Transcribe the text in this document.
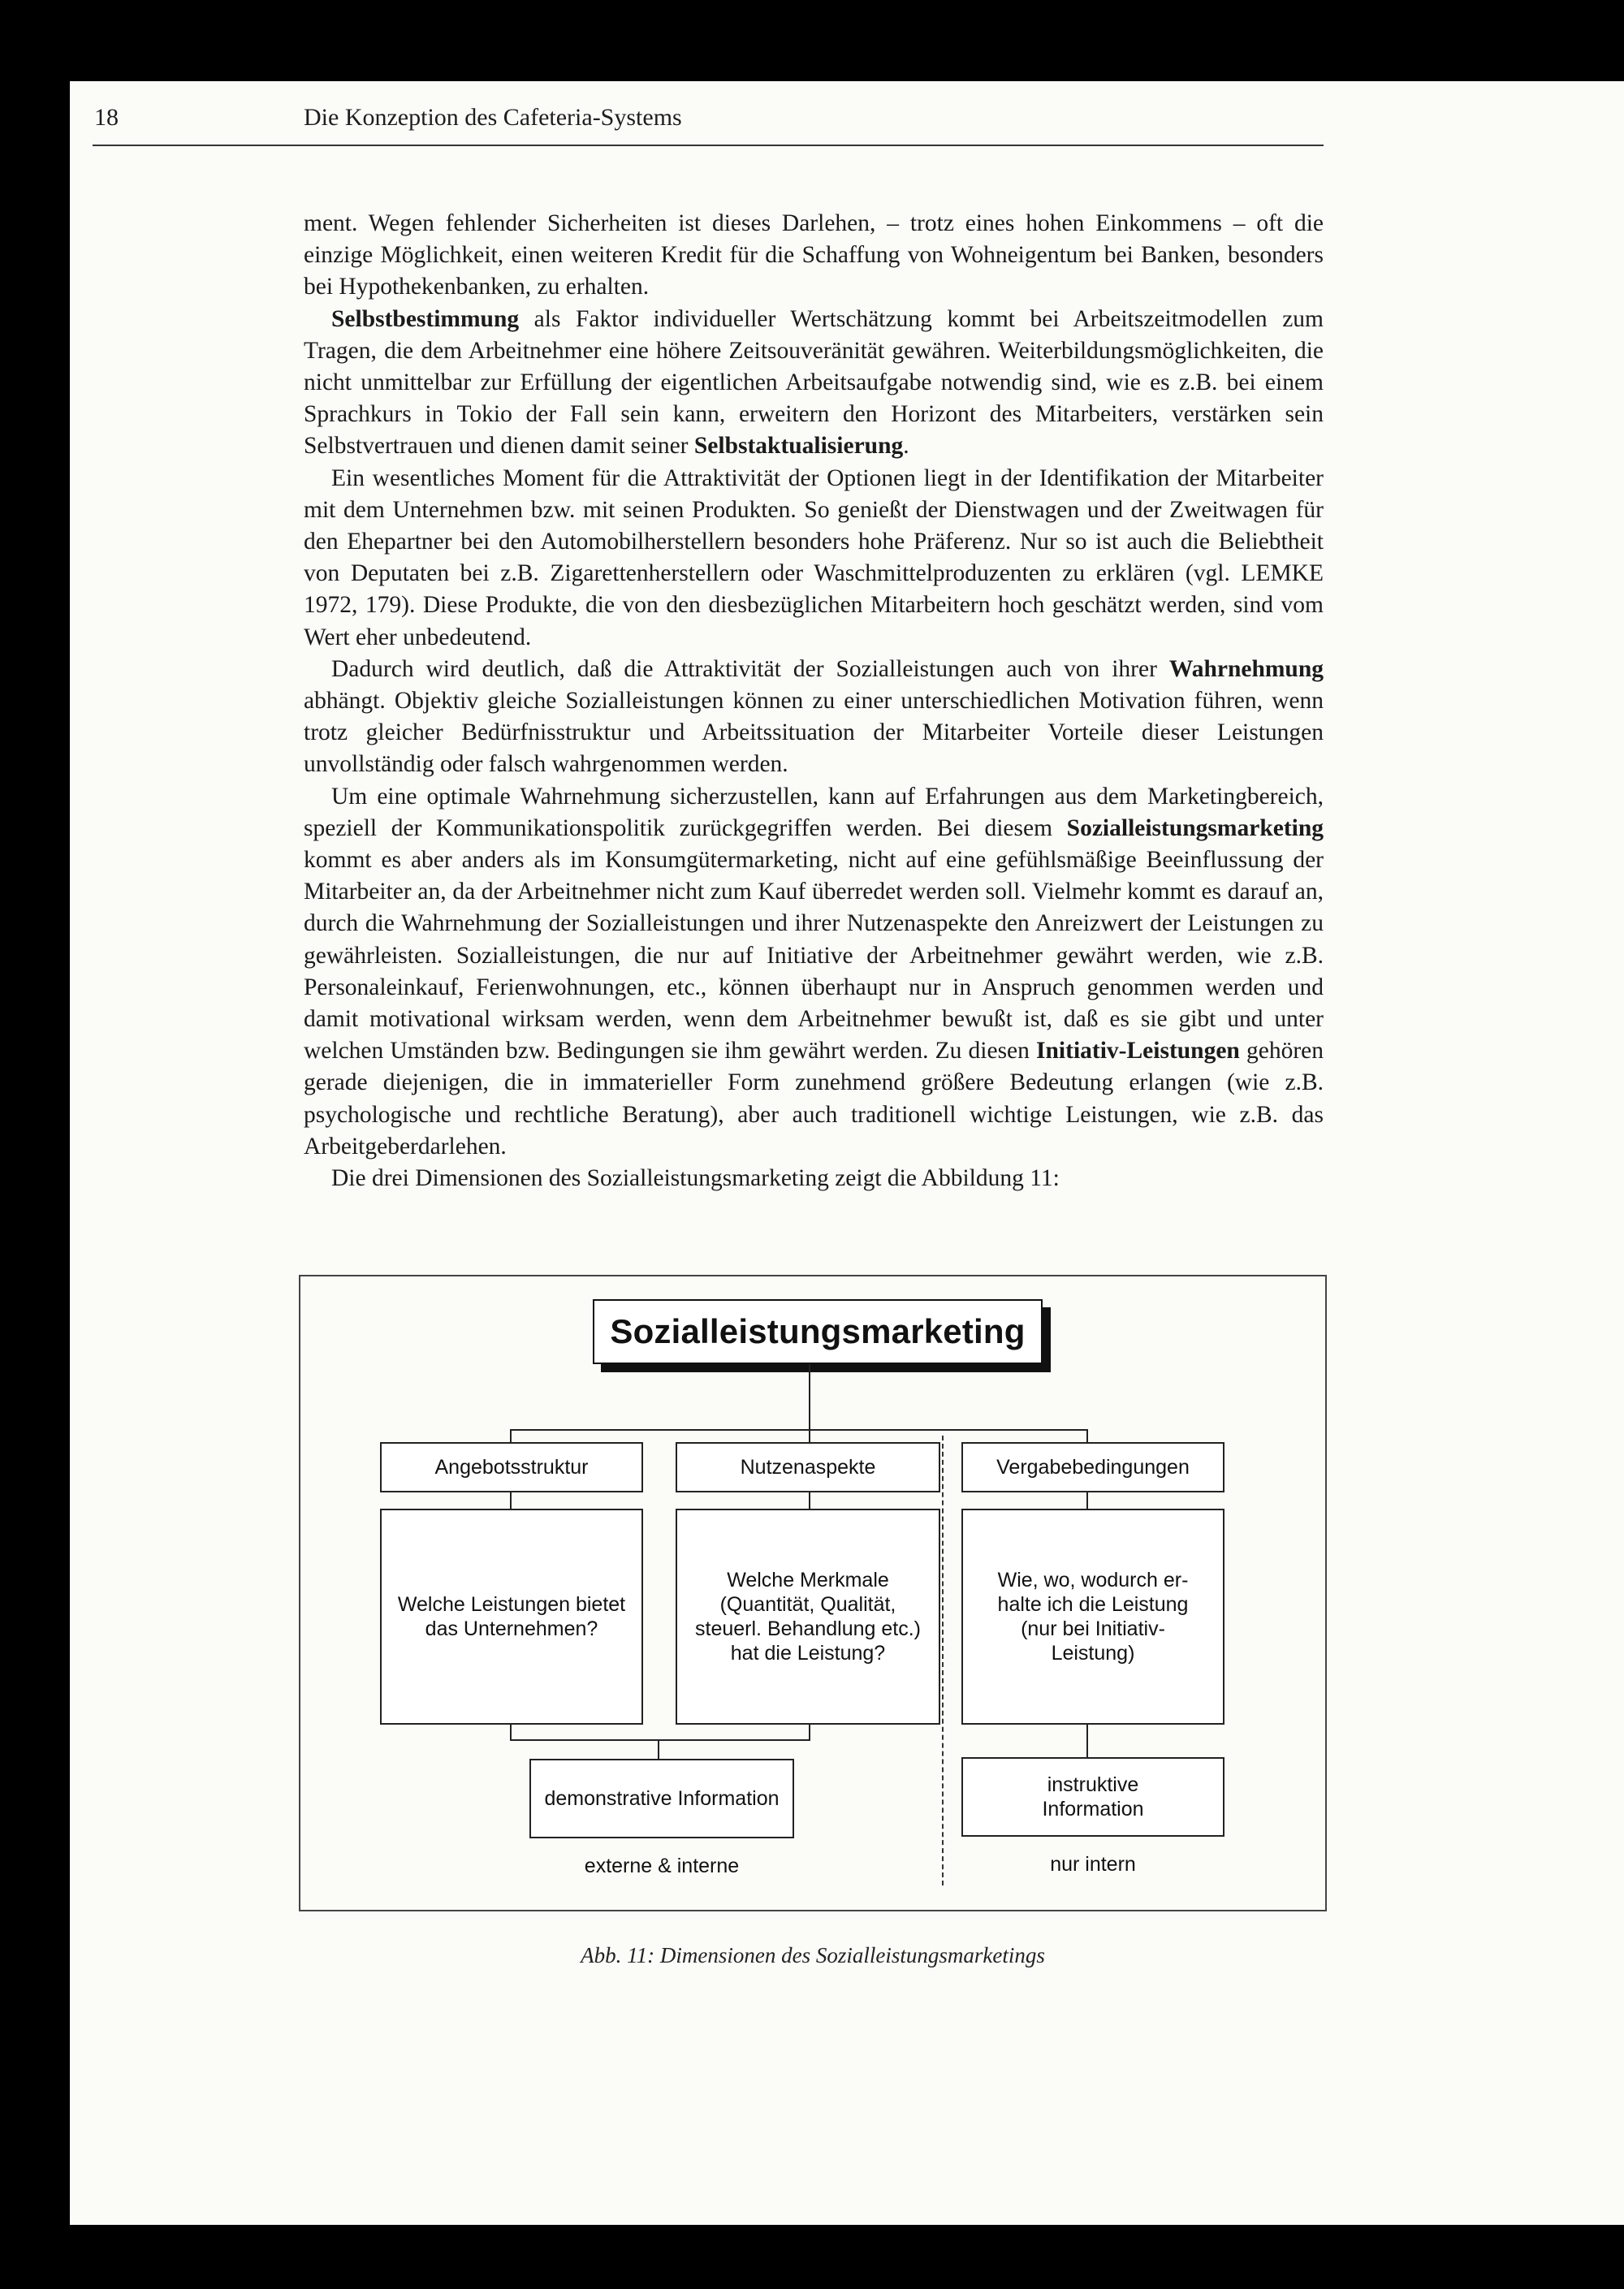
18	Die Konzeption des Cafeteria-Systems

ment. Wegen fehlender Sicherheiten ist dieses Darlehen, – trotz eines hohen Einkommens – oft die einzige Möglichkeit, einen weiteren Kredit für die Schaffung von Wohneigentum bei Banken, besonders bei Hypothekenbanken, zu erhalten.

Selbstbestimmung als Faktor individueller Wertschätzung kommt bei Arbeitszeitmodellen zum Tragen, die dem Arbeitnehmer eine höhere Zeitsouveränität gewähren. Weiterbildungsmöglichkeiten, die nicht unmittelbar zur Erfüllung der eigentlichen Arbeitsaufgabe notwendig sind, wie es z.B. bei einem Sprachkurs in Tokio der Fall sein kann, erweitern den Horizont des Mitarbeiters, verstärken sein Selbstvertrauen und dienen damit seiner Selbstaktualisierung.

Ein wesentliches Moment für die Attraktivität der Optionen liegt in der Identifikation der Mitarbeiter mit dem Unternehmen bzw. mit seinen Produkten. So genießt der Dienstwagen und der Zweitwagen für den Ehepartner bei den Automobilherstellern besonders hohe Präferenz. Nur so ist auch die Beliebtheit von Deputaten bei z.B. Zigarettenherstellern oder Waschmittelproduzenten zu erklären (vgl. LEMKE 1972, 179). Diese Produkte, die von den diesbezüglichen Mitarbeitern hoch geschätzt werden, sind vom Wert eher unbedeutend.

Dadurch wird deutlich, daß die Attraktivität der Sozialleistungen auch von ihrer Wahrnehmung abhängt. Objektiv gleiche Sozialleistungen können zu einer unterschiedlichen Motivation führen, wenn trotz gleicher Bedürfnisstruktur und Arbeitssituation der Mitarbeiter Vorteile dieser Leistungen unvollständig oder falsch wahrgenommen werden.

Um eine optimale Wahrnehmung sicherzustellen, kann auf Erfahrungen aus dem Marketingbereich, speziell der Kommunikationspolitik zurückgegriffen werden. Bei diesem Sozialleistungsmarketing kommt es aber anders als im Konsumgütermarketing, nicht auf eine gefühlsmäßige Beeinflussung der Mitarbeiter an, da der Arbeitnehmer nicht zum Kauf überredet werden soll. Vielmehr kommt es darauf an, durch die Wahrnehmung der Sozialleistungen und ihrer Nutzenaspekte den Anreizwert der Leistungen zu gewährleisten. Sozialleistungen, die nur auf Initiative der Arbeitnehmer gewährt werden, wie z.B. Personaleinkauf, Ferienwohnungen, etc., können überhaupt nur in Anspruch genommen werden und damit motivational wirksam werden, wenn dem Arbeitnehmer bewußt ist, daß es sie gibt und unter welchen Umständen bzw. Bedingungen sie ihm gewährt werden. Zu diesen Initiativ-Leistungen gehören gerade diejenigen, die in immaterieller Form zunehmend größere Bedeutung erlangen (wie z.B. psychologische und rechtliche Beratung), aber auch traditionell wichtige Leistungen, wie z.B. das Arbeitgeberdarlehen.

Die drei Dimensionen des Sozialleistungsmarketing zeigt die Abbildung 11:

Sozialleistungsmarketing
Angebotsstruktur	Nutzenaspekte	Vergabebedingungen
Welche Leistungen bietet das Unternehmen?
Welche Merkmale (Quantität, Qualität, steuerl. Behandlung etc.) hat die Leistung?
Wie, wo, wodurch erhalte ich die Leistung (nur bei Initiativ-Leistung)
demonstrative Information
instruktive Information
externe & interne	nur intern
Abb. 11: Dimensionen des Sozialleistungsmarketings
